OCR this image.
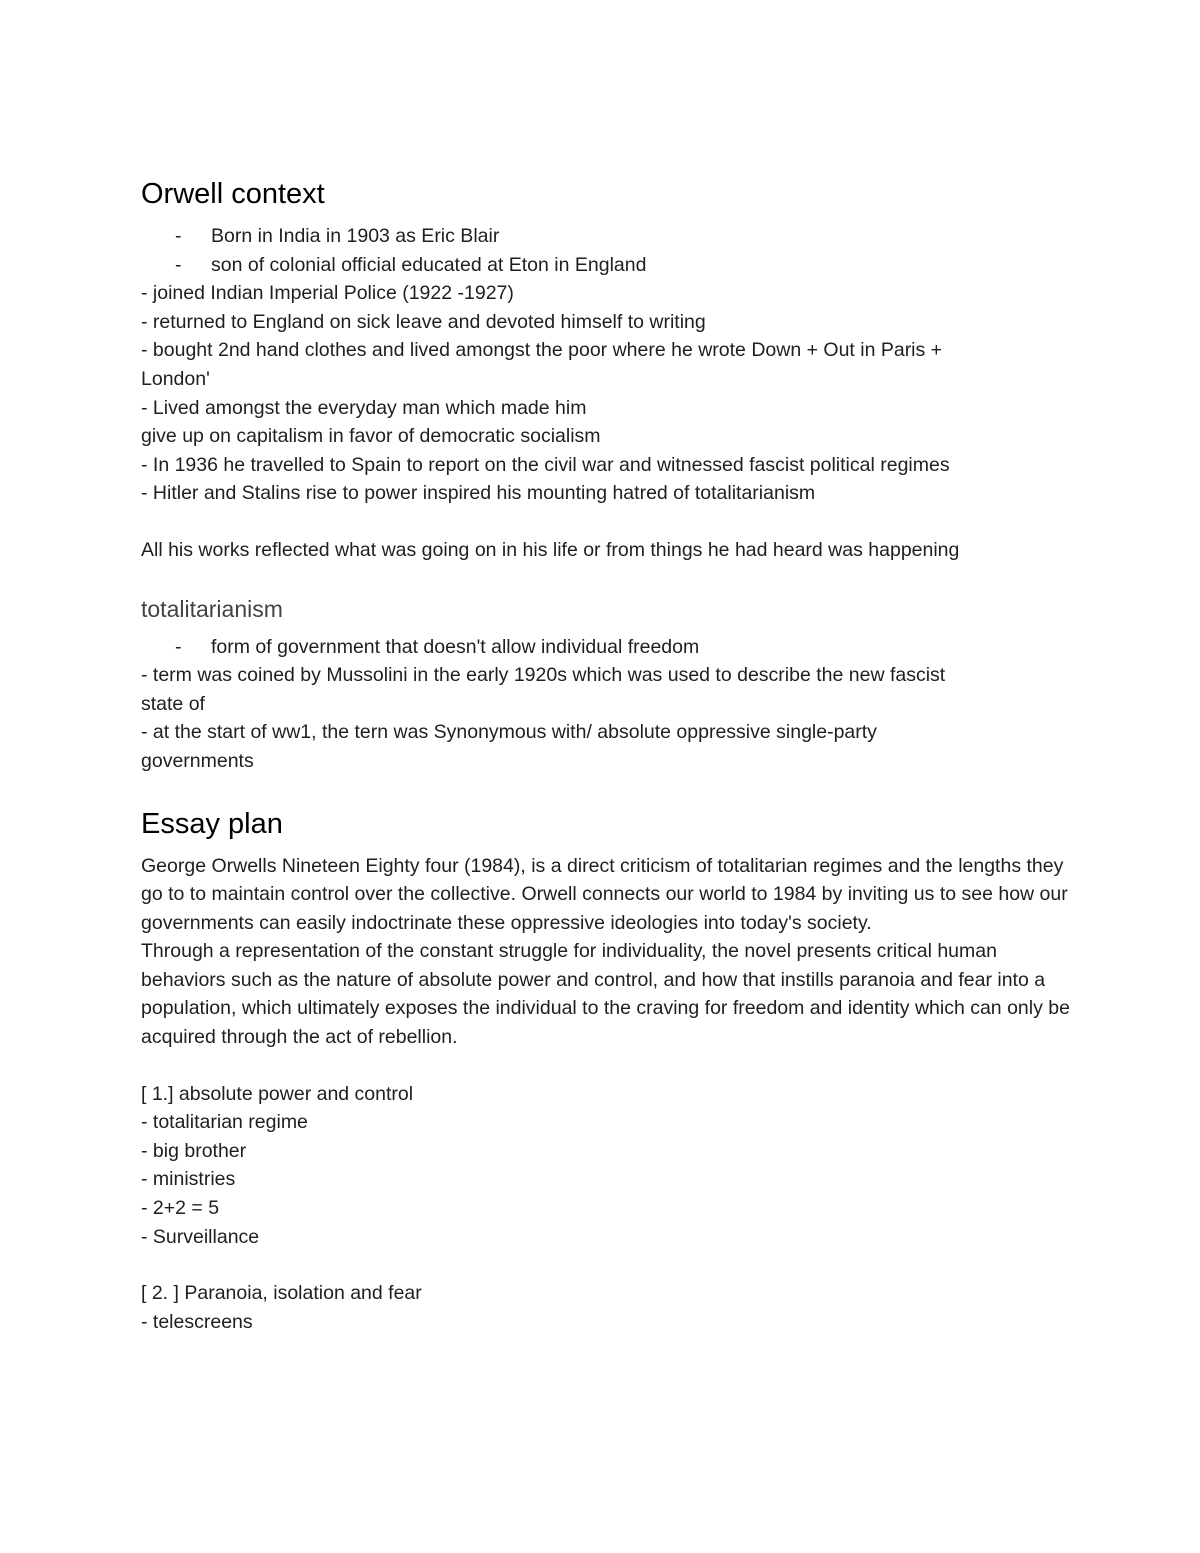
Orwell context
-	Born in India in 1903 as Eric Blair
-	son of colonial official educated at Eton in England

- joined Indian Imperial Police (1922 -1927)

- returned to England on sick leave and devoted himself to writing

- bought 2nd hand clothes and lived amongst the poor where he wrote Down + Out in Paris +

London'

- Lived amongst the everyday man which made him

give up on capitalism in favor of democratic socialism

- In 1936 he travelled to Spain to report on the civil war and witnessed fascist political regimes

- Hitler and Stalins rise to power inspired his mounting hatred of totalitarianism

All his works reflected what was going on in his life or from things he had heard was happening

totalitarianism
-	form of government that doesn't allow individual freedom

- term was coined by Mussolini in the early 1920s which was used to describe the new fascist

state of

- at the start of ww1, the tern was Synonymous with/ absolute oppressive single-party

governments

Essay plan

George Orwells Nineteen Eighty four (1984), is a direct criticism of totalitarian regimes and the lengths they go to to maintain control over the collective. Orwell connects our world to 1984 by inviting us to see how our governments can easily indoctrinate these oppressive ideologies into today's society.

Through a representation of the constant struggle for individuality, the novel presents critical human behaviors such as the nature of absolute power and control, and how that instills paranoia and fear into a population, which ultimately exposes the individual to the craving for freedom and identity which can only be acquired through the act of rebellion.

[ 1.] absolute power and control

- totalitarian regime

- big brother

- ministries

- 2+2 = 5

- Surveillance

[ 2. ] Paranoia, isolation and fear

- telescreens
